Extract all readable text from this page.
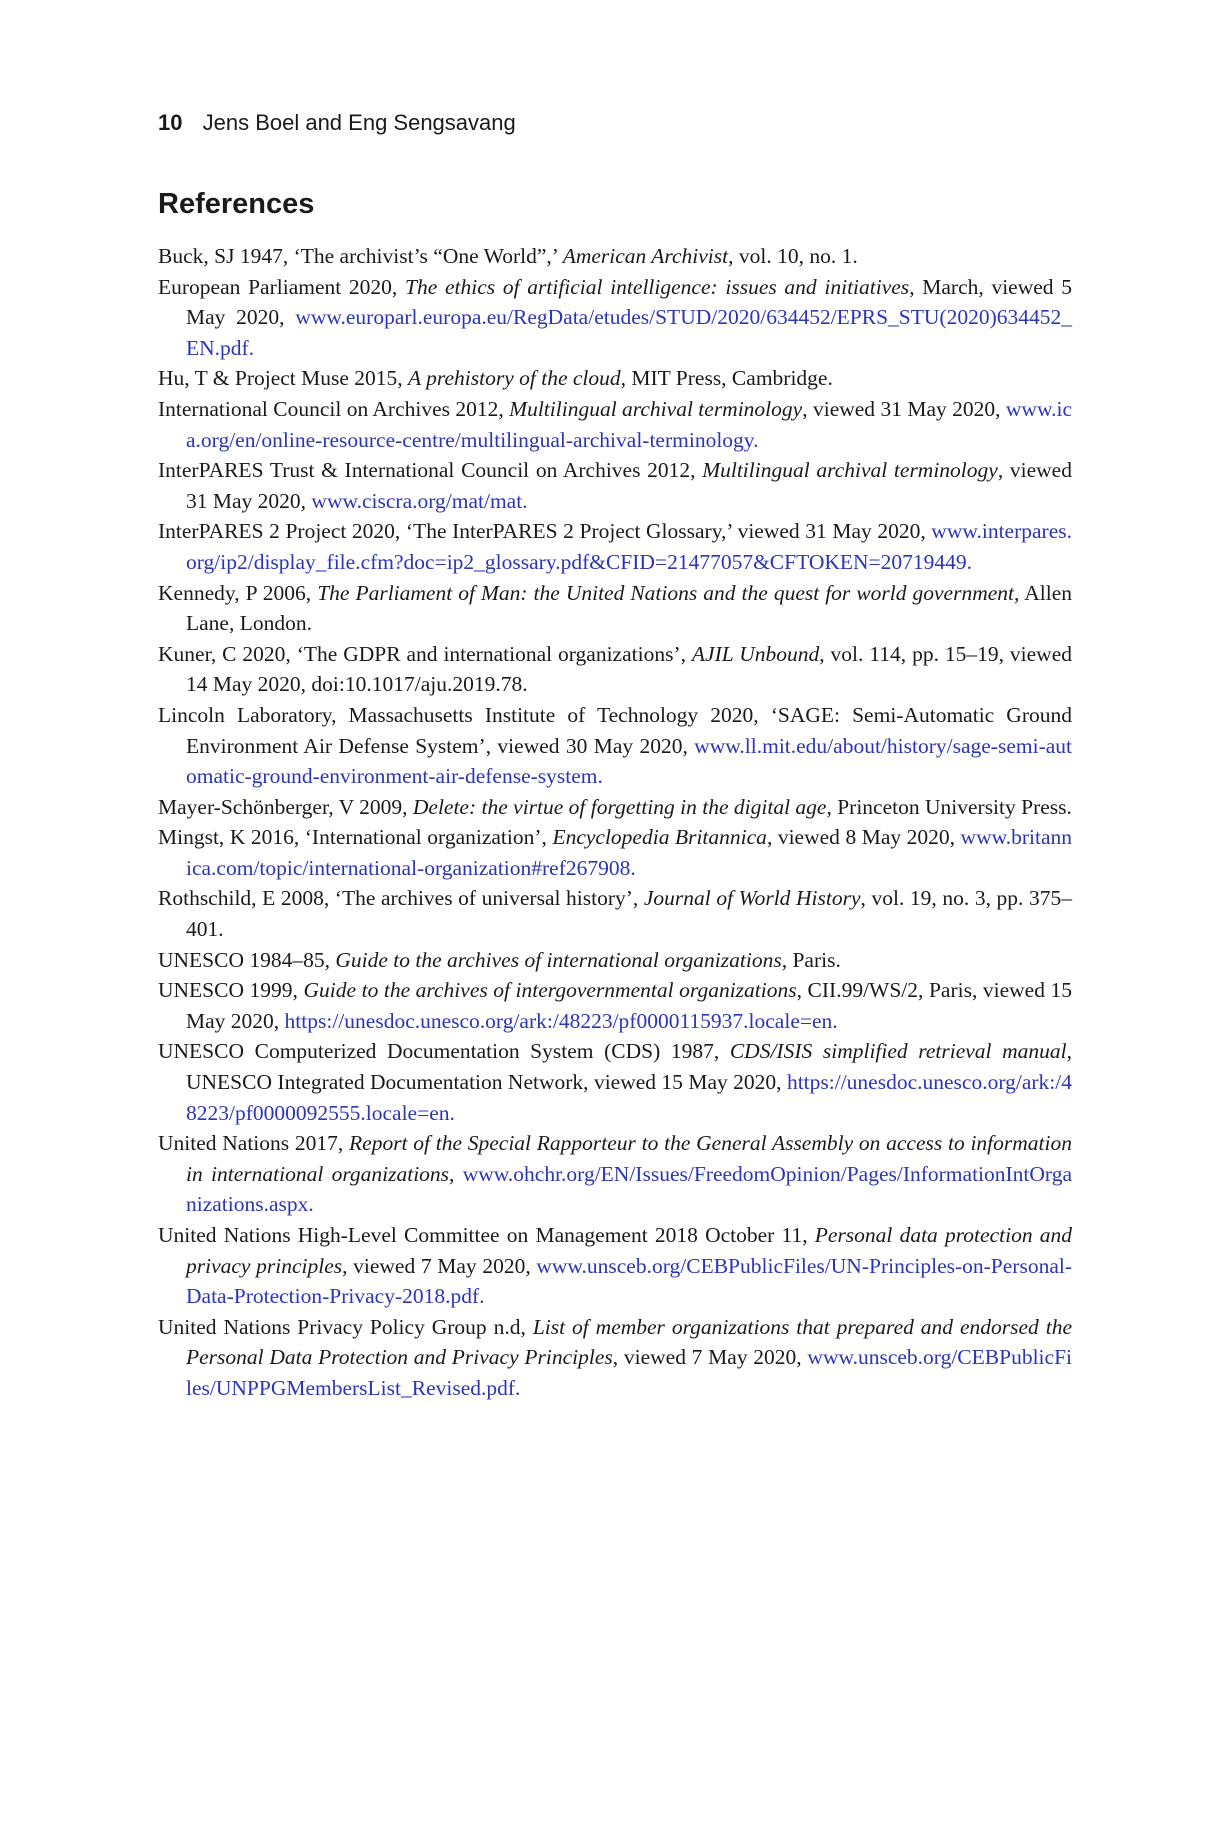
10 Jens Boel and Eng Sengsavang
References
Buck, SJ 1947, ‘The archivist’s “One World”,’ American Archivist, vol. 10, no. 1.
European Parliament 2020, The ethics of artificial intelligence: issues and initiatives, March, viewed 5 May 2020, www.europarl.europa.eu/RegData/etudes/STUD/2020/634452/EPRS_STU(2020)634452_EN.pdf.
Hu, T & Project Muse 2015, A prehistory of the cloud, MIT Press, Cambridge.
International Council on Archives 2012, Multilingual archival terminology, viewed 31 May 2020, www.ica.org/en/online-resource-centre/multilingual-archival-terminology.
InterPARES Trust & International Council on Archives 2012, Multilingual archival terminology, viewed 31 May 2020, www.ciscra.org/mat/mat.
InterPARES 2 Project 2020, ‘The InterPARES 2 Project Glossary,’ viewed 31 May 2020, www.interpares.org/ip2/display_file.cfm?doc=ip2_glossary.pdf&CFID=21477057&CFTOKEN=20719449.
Kennedy, P 2006, The Parliament of Man: the United Nations and the quest for world government, Allen Lane, London.
Kuner, C 2020, ‘The GDPR and international organizations’, AJIL Unbound, vol. 114, pp. 15–19, viewed 14 May 2020, doi:10.1017/aju.2019.78.
Lincoln Laboratory, Massachusetts Institute of Technology 2020, ‘SAGE: Semi-Automatic Ground Environment Air Defense System’, viewed 30 May 2020, www.ll.mit.edu/about/history/sage-semi-automatic-ground-environment-air-defense-system.
Mayer-Schönberger, V 2009, Delete: the virtue of forgetting in the digital age, Princeton University Press.
Mingst, K 2016, ‘International organization’, Encyclopedia Britannica, viewed 8 May 2020, www.britannica.com/topic/international-organization#ref267908.
Rothschild, E 2008, ‘The archives of universal history’, Journal of World History, vol. 19, no. 3, pp. 375–401.
UNESCO 1984–85, Guide to the archives of international organizations, Paris.
UNESCO 1999, Guide to the archives of intergovernmental organizations, CII.99/WS/2, Paris, viewed 15 May 2020, https://unesdoc.unesco.org/ark:/48223/pf0000115937.locale=en.
UNESCO Computerized Documentation System (CDS) 1987, CDS/ISIS simplified retrieval manual, UNESCO Integrated Documentation Network, viewed 15 May 2020, https://unesdoc.unesco.org/ark:/48223/pf0000092555.locale=en.
United Nations 2017, Report of the Special Rapporteur to the General Assembly on access to information in international organizations, www.ohchr.org/EN/Issues/FreedomOpinion/Pages/InformationIntOrganizations.aspx.
United Nations High-Level Committee on Management 2018 October 11, Personal data protection and privacy principles, viewed 7 May 2020, www.unsceb.org/CEBPublicFiles/UN-Principles-on-Personal-Data-Protection-Privacy-2018.pdf.
United Nations Privacy Policy Group n.d, List of member organizations that prepared and endorsed the Personal Data Protection and Privacy Principles, viewed 7 May 2020, www.unsceb.org/CEBPublicFiles/UNPPGMembersList_Revised.pdf.
